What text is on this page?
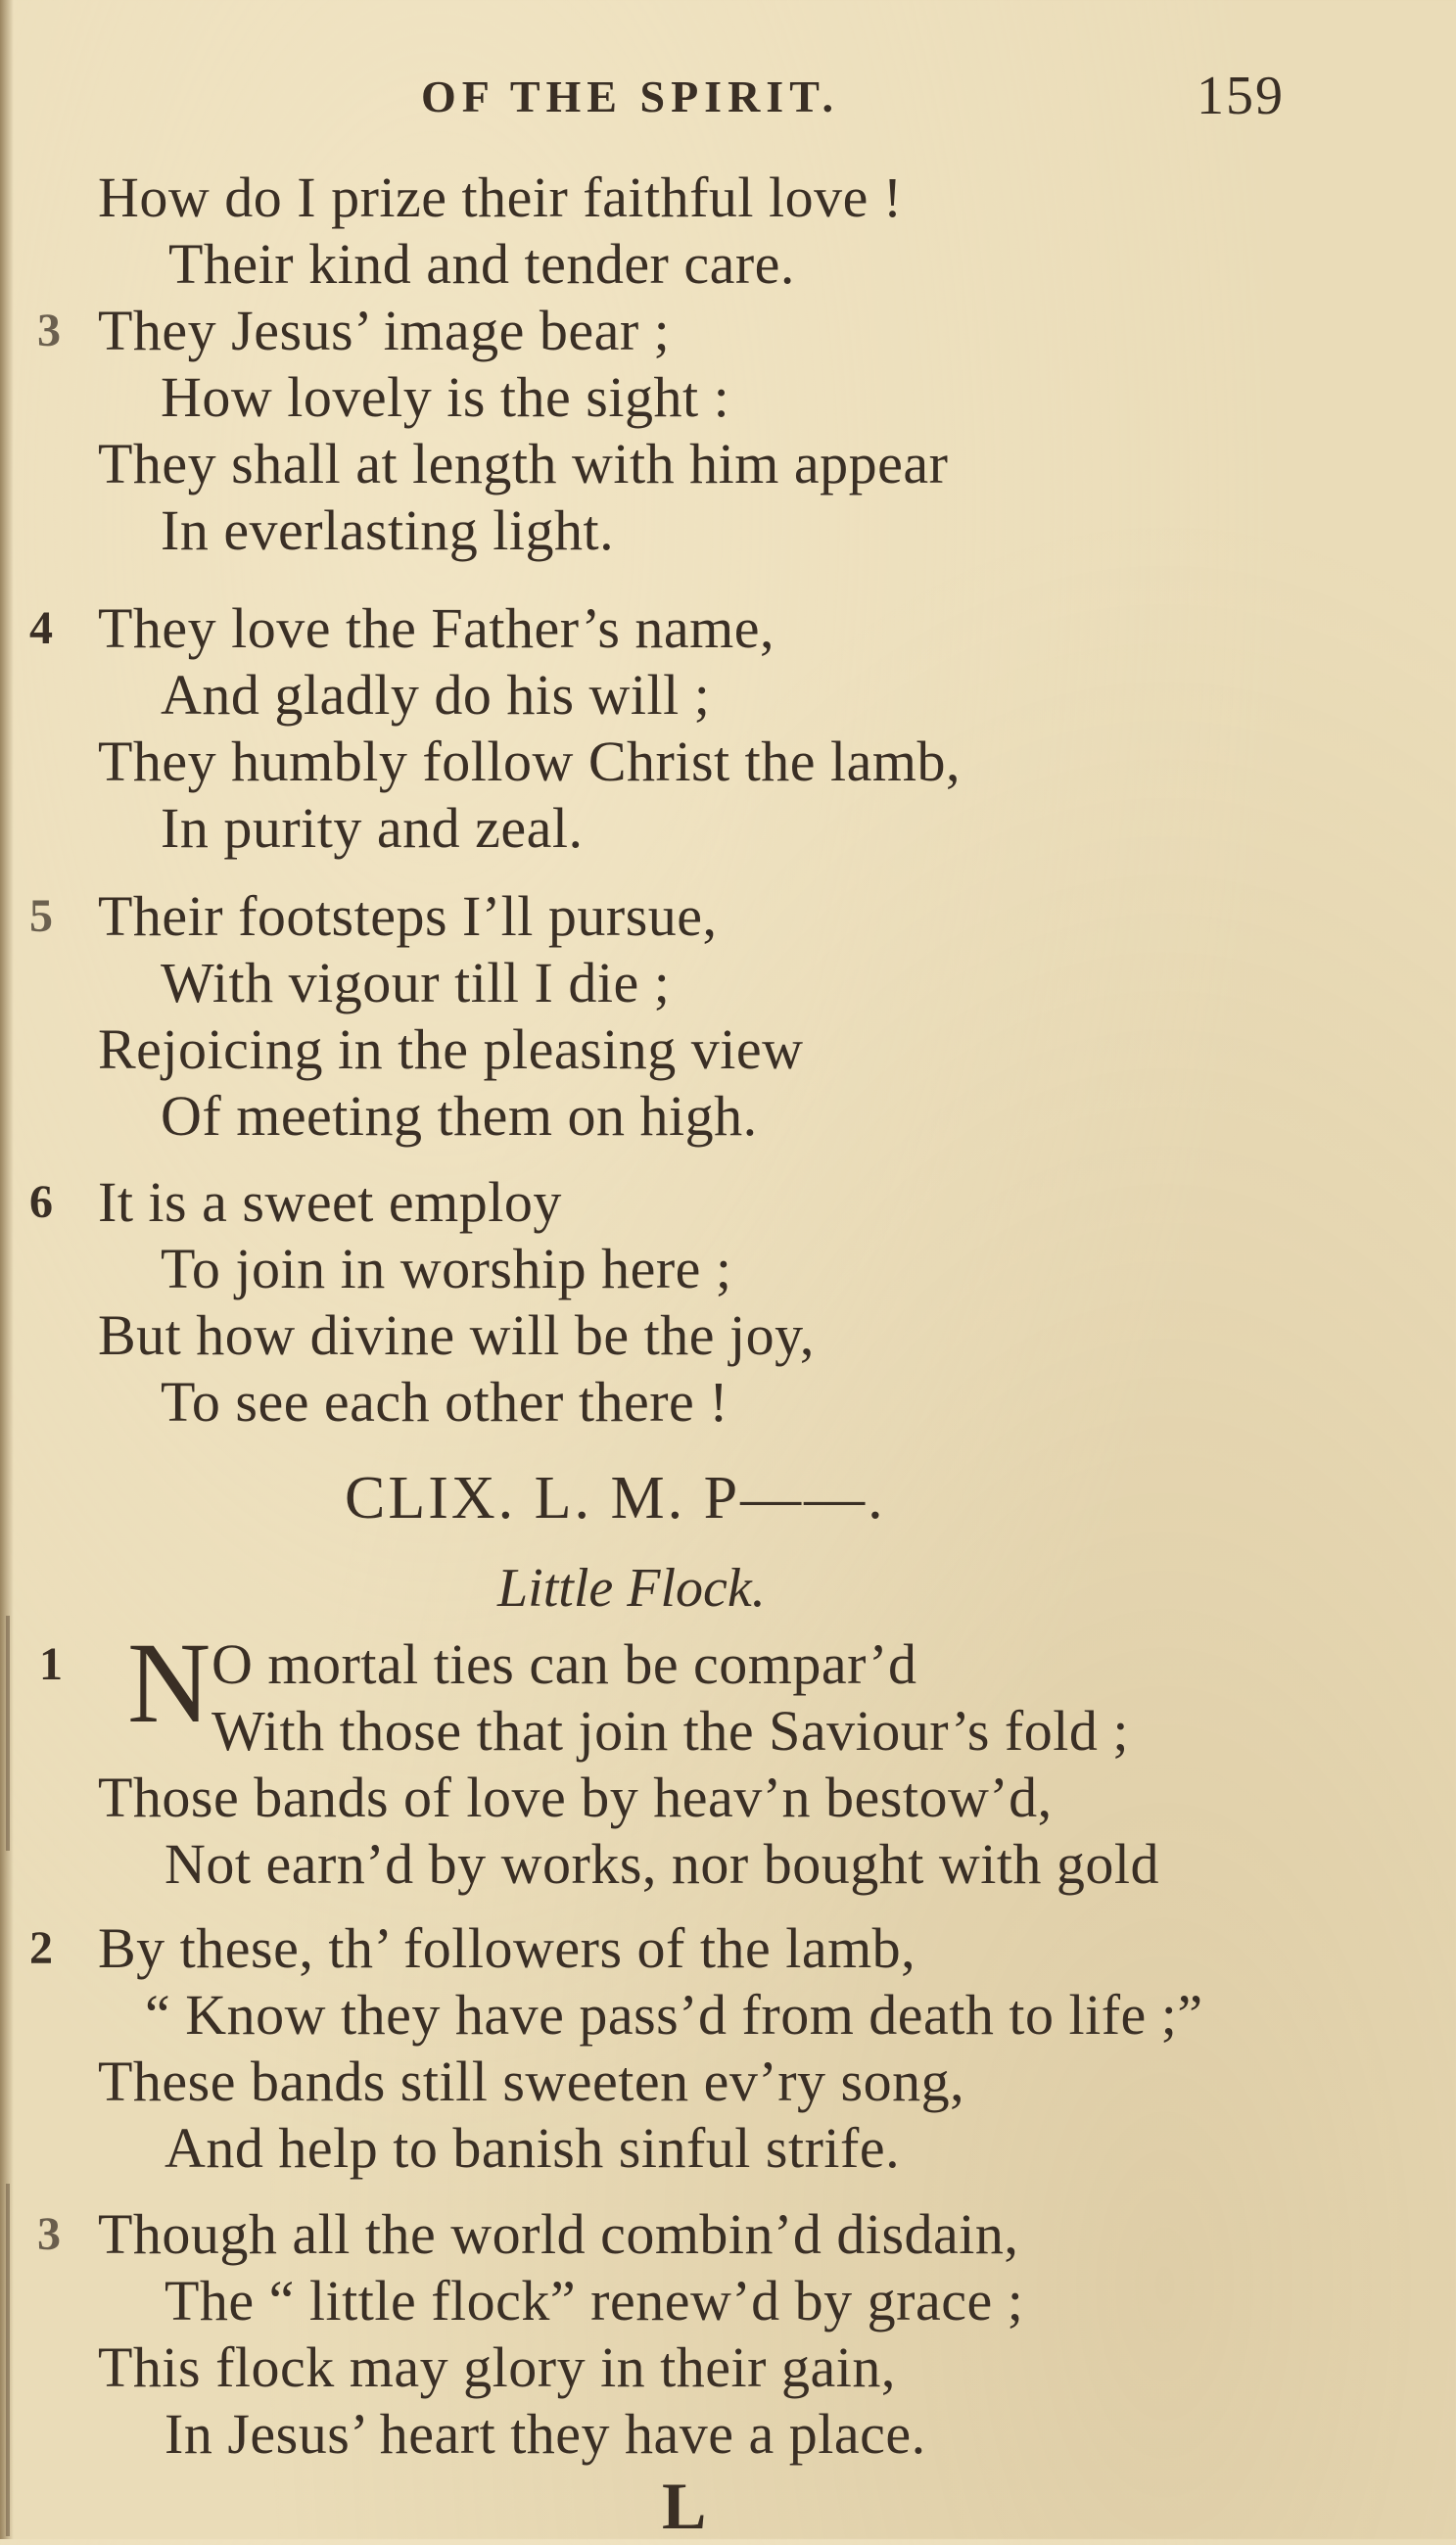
OF THE SPIRIT.	159
How do I prize their faithful love !
Their kind and tender care.
3 They Jesus’ image bear ;
How lovely is the sight :
They shall at length with him appear
In everlasting light.
4 They love the Father’s name,
And gladly do his will ;
They humbly follow Christ the lamb,
In purity and zeal.
5 Their footsteps I’ll pursue,
With vigour till I die ;
Rejoicing in the pleasing view
Of meeting them on high.
6 It is a sweet employ
To join in worship here ;
But how divine will be the joy,
To see each other there !
CLIX. L. M. P——.
Little Flock.
1 N O mortal ties can be compar’d
With those that join the Saviour’s fold ;
Those bands of love by heav’n bestow’d,
Not earn’d by works, nor bought with gold
2 By these, th’ followers of the lamb,
“ Know they have pass’d from death to life ;”
These bands still sweeten ev’ry song,
And help to banish sinful strife.
3 Though all the world combin’d disdain,
The “ little flock” renew’d by grace ;
This flock may glory in their gain,
In Jesus’ heart they have a place.
L
